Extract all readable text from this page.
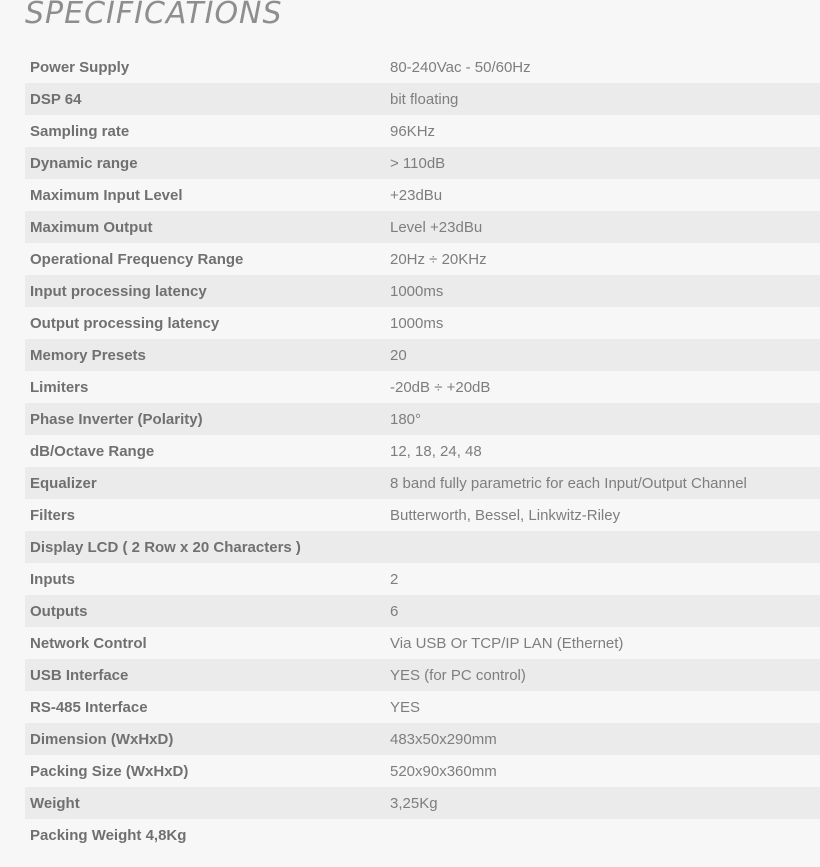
SPECIFICATIONS
Power Supply	80-240Vac - 50/60Hz
DSP 64	bit floating
Sampling rate	96KHz
Dynamic range	> 110dB
Maximum Input Level	+23dBu
Maximum Output	Level +23dBu
Operational Frequency Range	20Hz ÷ 20KHz
Input processing latency	1000ms
Output processing latency	1000ms
Memory Presets	20
Limiters	-20dB ÷ +20dB
Phase Inverter (Polarity)	180°
dB/Octave Range	12, 18, 24, 48
Equalizer	8 band fully parametric for each Input/Output Channel
Filters	Butterworth, Bessel, Linkwitz-Riley
Display LCD ( 2 Row x 20 Characters )
Inputs	2
Outputs	6
Network Control	Via USB Or TCP/IP LAN (Ethernet)
USB Interface	YES (for PC control)
RS-485 Interface	YES
Dimension (WxHxD)	483x50x290mm
Packing Size (WxHxD)	520x90x360mm
Weight	3,25Kg
Packing Weight 4,8Kg
